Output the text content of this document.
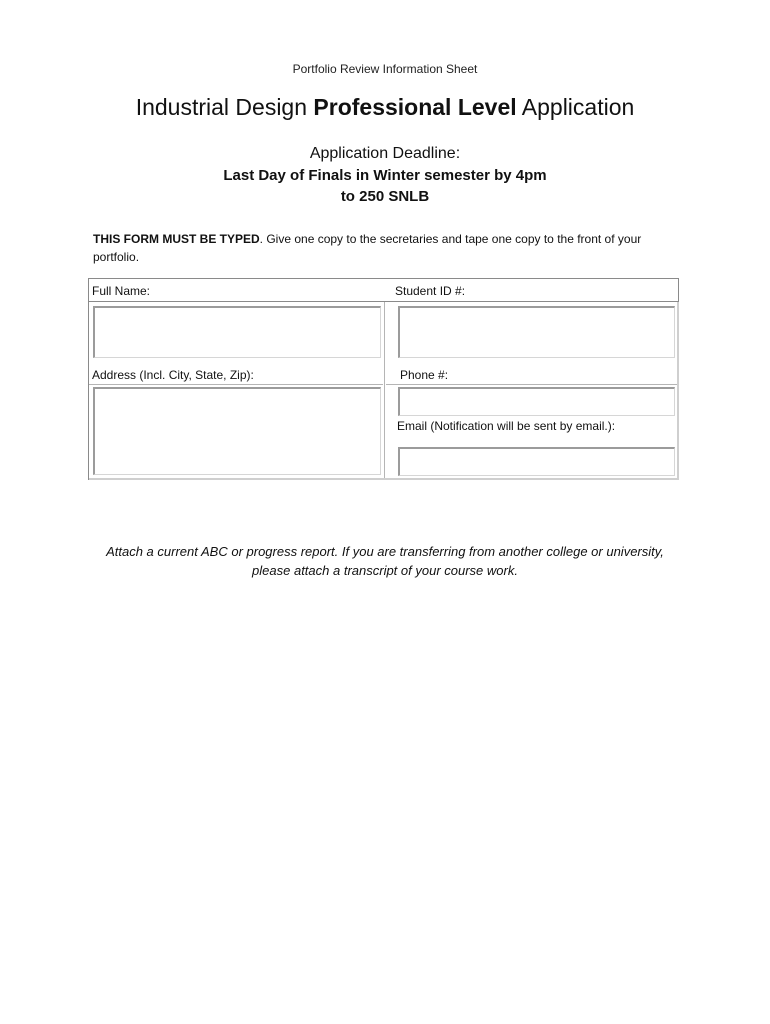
Portfolio Review Information Sheet
Industrial Design Professional Level Application
Application Deadline:
Last Day of Finals in Winter semester by 4pm
to 250 SNLB
THIS FORM MUST BE TYPED. Give one copy to the secretaries and tape one copy to the front of your portfolio.
Full Name:	Student ID #:
Address (Incl. City, State, Zip):	Phone #:
Email (Notification will be sent by email.):
Attach a current ABC or progress report. If you are transferring from another college or university,
please attach a transcript of your course work.
